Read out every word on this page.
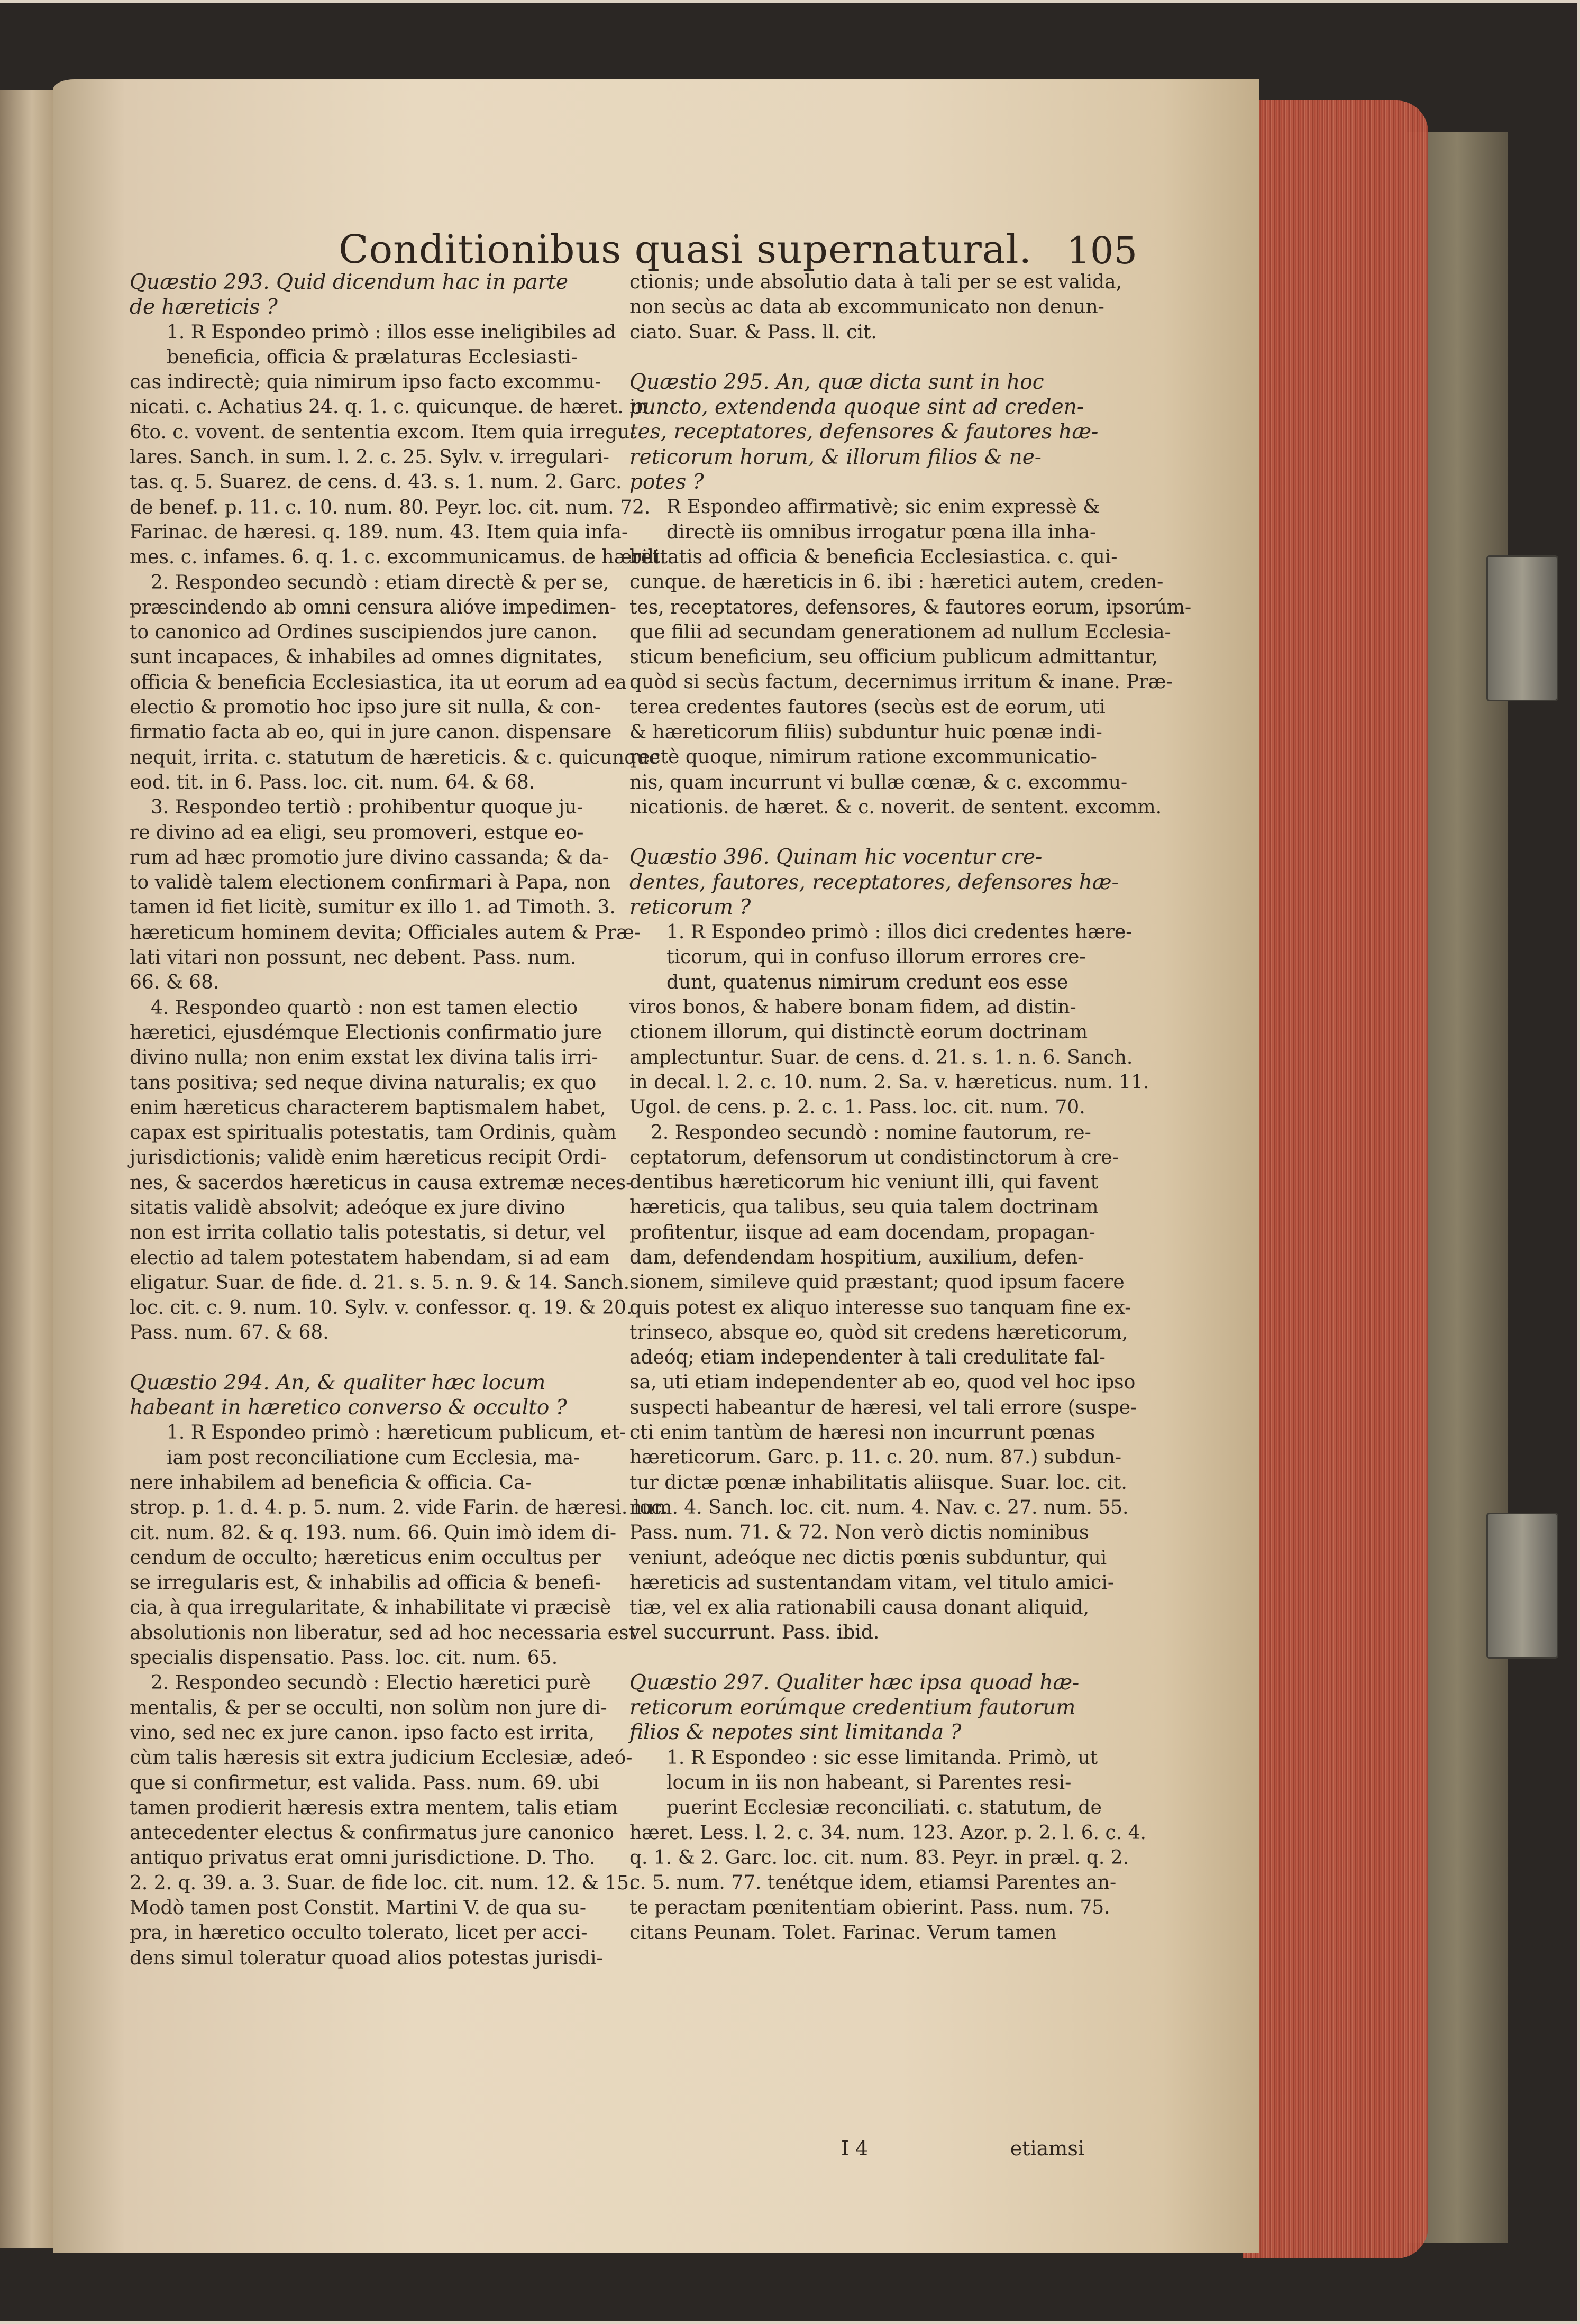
Conditionibus quasi supernatural. 105
Quæstio 293. Quid dicendum hac in parte
de hæreticis ?
1. R Espondeo primò : illos esse ineligibiles ad
beneficia, officia & prælaturas Ecclesiasti-
cas indirectè; quia nimirum ipso facto excommu-
nicati. c. Achatius 24. q. 1. c. quicunque. de hæret. in
6to. c. vovent. de sententia excom. Item quia irregu-
lares. Sanch. in sum. l. 2. c. 25. Sylv. v. irregulari-
tas. q. 5. Suarez. de cens. d. 43. s. 1. num. 2. Garc.
de benef. p. 11. c. 10. num. 80. Peyr. loc. cit. num. 72.
Farinac. de hæresi. q. 189. num. 43. Item quia infa-
mes. c. infames. 6. q. 1. c. excommunicamus. de hæret.
2. Respondeo secundò : etiam directè & per se,
præscindendo ab omni censura alióve impedimen-
to canonico ad Ordines suscipiendos jure canon.
sunt incapaces, & inhabiles ad omnes dignitates,
officia & beneficia Ecclesiastica, ita ut eorum ad ea
electio & promotio hoc ipso jure sit nulla, & con-
firmatio facta ab eo, qui in jure canon. dispensare
nequit, irrita. c. statutum de hæreticis. & c. quicunque
eod. tit. in 6. Pass. loc. cit. num. 64. & 68.
3. Respondeo tertiò : prohibentur quoque ju-
re divino ad ea eligi, seu promoveri, estque eo-
rum ad hæc promotio jure divino cassanda; & da-
to validè talem electionem confirmari à Papa, non
tamen id fiet licitè, sumitur ex illo 1. ad Timoth. 3.
hæreticum hominem devita; Officiales autem & Præ-
lati vitari non possunt, nec debent. Pass. num.
66. & 68.
4. Respondeo quartò : non est tamen electio
hæretici, ejusdémque Electionis confirmatio jure
divino nulla; non enim exstat lex divina talis irri-
tans positiva; sed neque divina naturalis; ex quo
enim hæreticus characterem baptismalem habet,
capax est spiritualis potestatis, tam Ordinis, quàm
jurisdictionis; validè enim hæreticus recipit Ordi-
nes, & sacerdos hæreticus in causa extremæ neces-
sitatis validè absolvit; adeóque ex jure divino
non est irrita collatio talis potestatis, si detur, vel
electio ad talem potestatem habendam, si ad eam
eligatur. Suar. de fide. d. 21. s. 5. n. 9. & 14. Sanch.
loc. cit. c. 9. num. 10. Sylv. v. confessor. q. 19. & 20.
Pass. num. 67. & 68.
Quæstio 294. An, & qualiter hæc locum
habeant in hæretico converso & occulto ?
1. R Espondeo primò : hæreticum publicum, et-
iam post reconciliatione cum Ecclesia, ma-
nere inhabilem ad beneficia & officia. Ca-
strop. p. 1. d. 4. p. 5. num. 2. vide Farin. de hæresi. loc.
cit. num. 82. & q. 193. num. 66. Quin imò idem di-
cendum de occulto; hæreticus enim occultus per
se irregularis est, & inhabilis ad officia & benefi-
cia, à qua irregularitate, & inhabilitate vi præcisè
absolutionis non liberatur, sed ad hoc necessaria est
specialis dispensatio. Pass. loc. cit. num. 65.
2. Respondeo secundò : Electio hæretici purè
mentalis, & per se occulti, non solùm non jure di-
vino, sed nec ex jure canon. ipso facto est irrita,
cùm talis hæresis sit extra judicium Ecclesiæ, adeó-
que si confirmetur, est valida. Pass. num. 69. ubi
tamen prodierit hæresis extra mentem, talis etiam
antecedenter electus & confirmatus jure canonico
antiquo privatus erat omni jurisdictione. D. Tho.
2. 2. q. 39. a. 3. Suar. de fide loc. cit. num. 12. & 15.
Modò tamen post Constit. Martini V. de qua su-
pra, in hæretico occulto tolerato, licet per acci-
dens simul toleratur quoad alios potestas jurisdi-
ctionis; unde absolutio data à tali per se est valida,
non secùs ac data ab excommunicato non denun-
ciato. Suar. & Pass. ll. cit.
Quæstio 295. An, quæ dicta sunt in hoc
puncto, extendenda quoque sint ad creden-
tes, receptatores, defensores & fautores hæ-
reticorum horum, & illorum filios & ne-
potes ?
R Espondeo affirmativè; sic enim expressè &
directè iis omnibus irrogatur pœna illa inha-
bilitatis ad officia & beneficia Ecclesiastica. c. qui-
cunque. de hæreticis in 6. ibi : hæretici autem, creden-
tes, receptatores, defensores, & fautores eorum, ipsorúm-
que filii ad secundam generationem ad nullum Ecclesia-
sticum beneficium, seu officium publicum admittantur,
quòd si secùs factum, decernimus irritum & inane. Præ-
terea credentes fautores (secùs est de eorum, uti
& hæreticorum filiis) subduntur huic pœnæ indi-
rectè quoque, nimirum ratione excommunicatio-
nis, quam incurrunt vi bullæ cœnæ, & c. excommu-
nicationis. de hæret. & c. noverit. de sentent. excomm.
Quæstio 396. Quinam hic vocentur cre-
dentes, fautores, receptatores, defensores hæ-
reticorum ?
1. R Espondeo primò : illos dici credentes hære-
ticorum, qui in confuso illorum errores cre-
dunt, quatenus nimirum credunt eos esse
viros bonos, & habere bonam fidem, ad distin-
ctionem illorum, qui distinctè eorum doctrinam
amplectuntur. Suar. de cens. d. 21. s. 1. n. 6. Sanch.
in decal. l. 2. c. 10. num. 2. Sa. v. hæreticus. num. 11.
Ugol. de cens. p. 2. c. 1. Pass. loc. cit. num. 70.
2. Respondeo secundò : nomine fautorum, re-
ceptatorum, defensorum ut condistinctorum à cre-
dentibus hæreticorum hic veniunt illi, qui favent
hæreticis, qua talibus, seu quia talem doctrinam
profitentur, iisque ad eam docendam, propagan-
dam, defendendam hospitium, auxilium, defen-
sionem, simileve quid præstant; quod ipsum facere
quis potest ex aliquo interesse suo tanquam fine ex-
trinseco, absque eo, quòd sit credens hæreticorum,
adeóq; etiam independenter à tali credulitate fal-
sa, uti etiam independenter ab eo, quod vel hoc ipso
suspecti habeantur de hæresi, vel tali errore (suspe-
cti enim tantùm de hæresi non incurrunt pœnas
hæreticorum. Garc. p. 11. c. 20. num. 87.) subdun-
tur dictæ pœnæ inhabilitatis aliisque. Suar. loc. cit.
num. 4. Sanch. loc. cit. num. 4. Nav. c. 27. num. 55.
Pass. num. 71. & 72. Non verò dictis nominibus
veniunt, adeóque nec dictis pœnis subduntur, qui
hæreticis ad sustentandam vitam, vel titulo amici-
tiæ, vel ex alia rationabili causa donant aliquid,
vel succurrunt. Pass. ibid.
Quæstio 297. Qualiter hæc ipsa quoad hæ-
reticorum eorúmque credentium fautorum
filios & nepotes sint limitanda ?
1. R Espondeo : sic esse limitanda. Primò, ut
locum in iis non habeant, si Parentes resi-
puerint Ecclesiæ reconciliati. c. statutum, de
hæret. Less. l. 2. c. 34. num. 123. Azor. p. 2. l. 6. c. 4.
q. 1. & 2. Garc. loc. cit. num. 83. Peyr. in præl. q. 2.
c. 5. num. 77. tenétque idem, etiamsi Parentes an-
te peractam pœnitentiam obierint. Pass. num. 75.
citans Peunam. Tolet. Farinac. Verum tamen
I 4	etiamsi
